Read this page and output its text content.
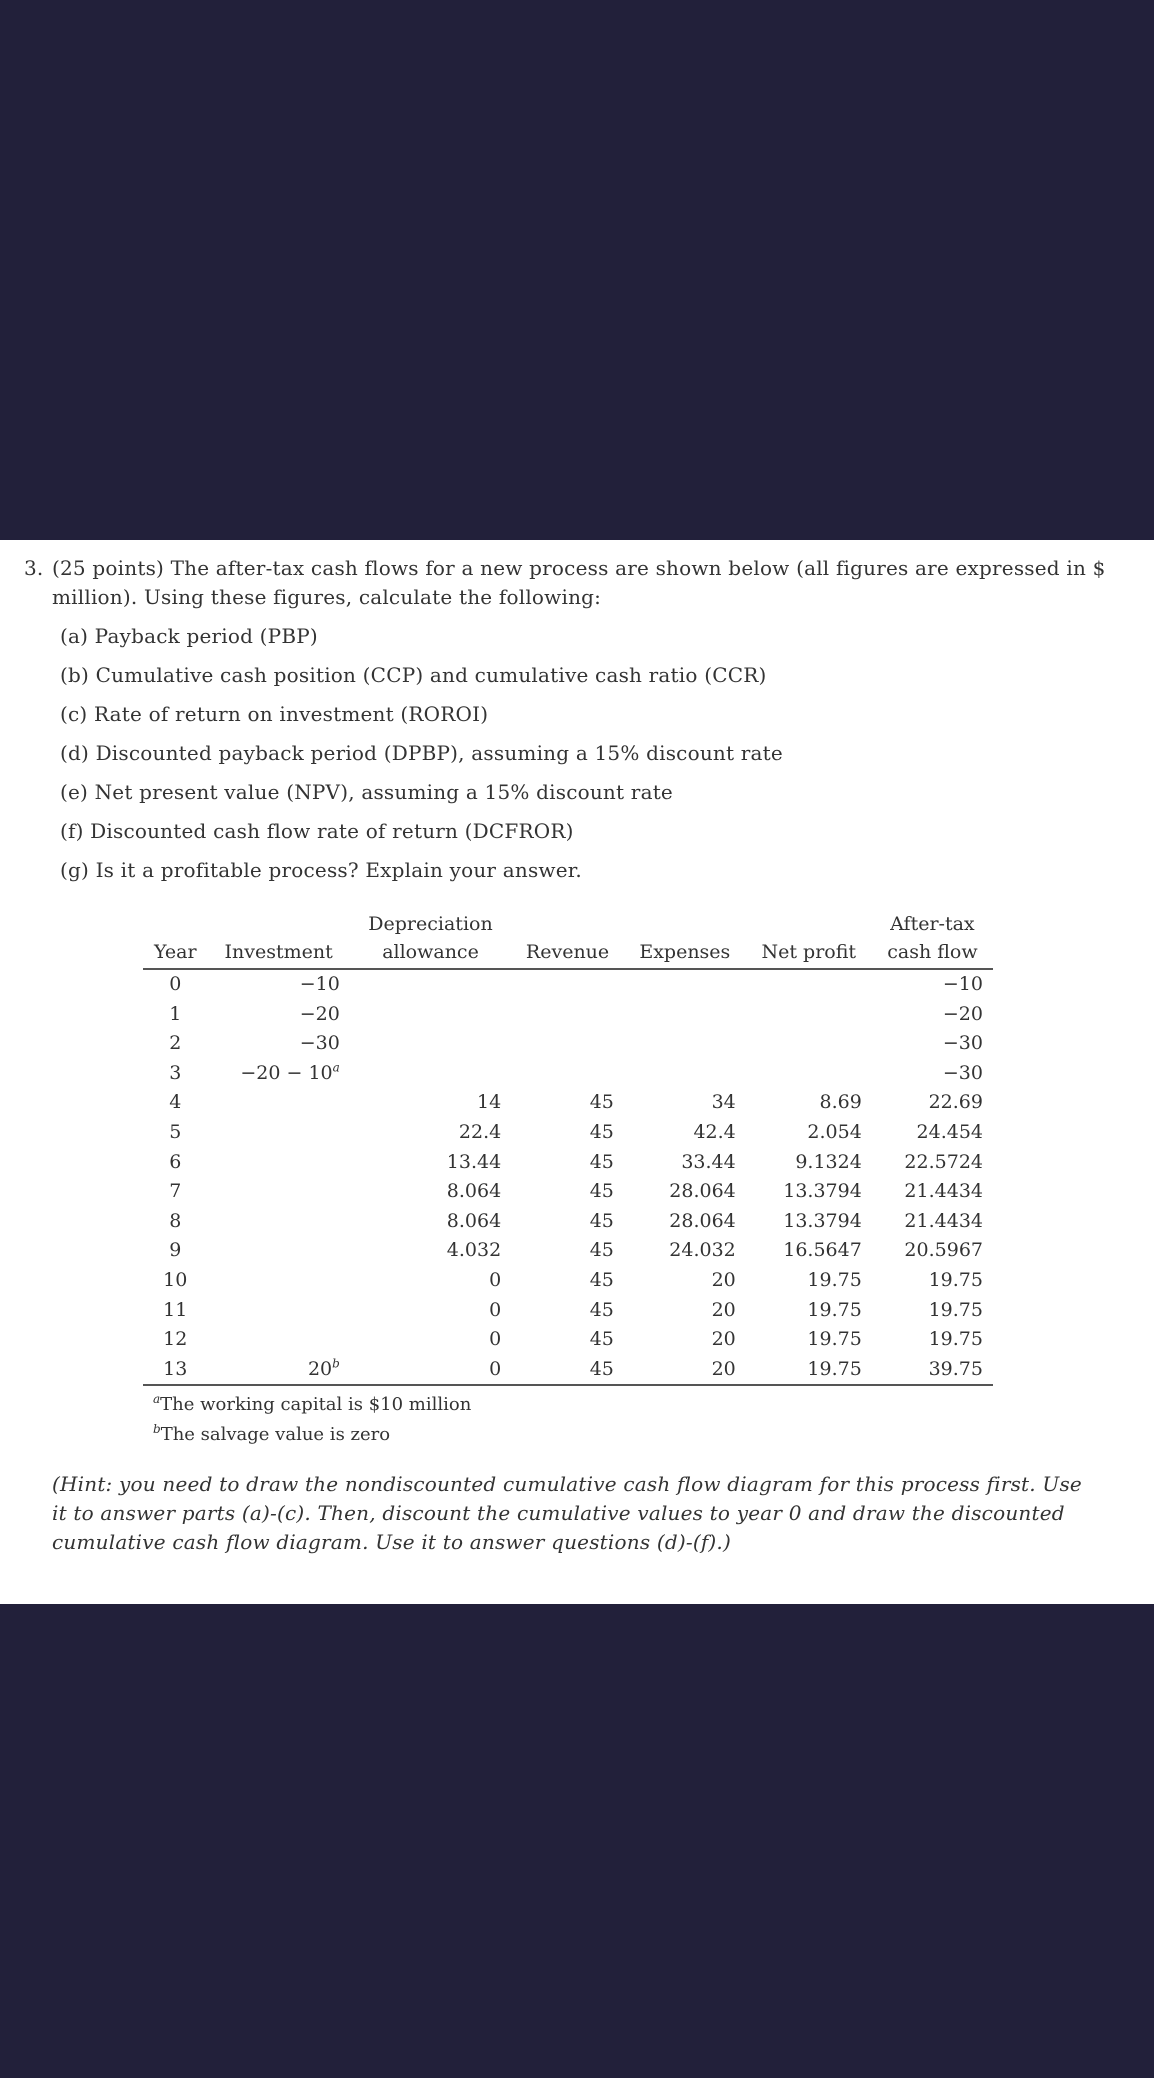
3. (25 points) The after-tax cash flows for a new process are shown below (all figures are expressed in $ million). Using these figures, calculate the following:
(a) Payback period (PBP)
(b) Cumulative cash position (CCP) and cumulative cash ratio (CCR)
(c) Rate of return on investment (ROROI)
(d) Discounted payback period (DPBP), assuming a 15% discount rate
(e) Net present value (NPV), assuming a 15% discount rate
(f) Discounted cash flow rate of return (DCFROR)
(g) Is it a profitable process? Explain your answer.
		Depreciation				After-tax
Year	Investment	allowance	Revenue	Expenses	Net profit	cash flow
0	−10					−10
1	−20					−20
2	−30					−30
3	$-20 - 10^a$					−30
4		14	45	34	8.69	22.69
5		22.4	45	42.4	2.054	24.454
6		13.44	45	33.44	9.1324	22.5724
7		8.064	45	28.064	13.3794	21.4434
8		8.064	45	28.064	13.3794	21.4434
9		4.032	45	24.032	16.5647	20.5967
10		0	45	20	19.75	19.75
11		0	45	20	19.75	19.75
12		0	45	20	19.75	19.75
13	20$^b$	0	45	20	19.75	39.75
$^a$The working capital is $10 million
$^b$The salvage value is zero
(Hint: you need to draw the nondiscounted cumulative cash flow diagram for this process first. Use it to answer parts (a)-(c). Then, discount the cumulative values to year 0 and draw the discounted cumulative cash flow diagram. Use it to answer questions (d)-(f).)
